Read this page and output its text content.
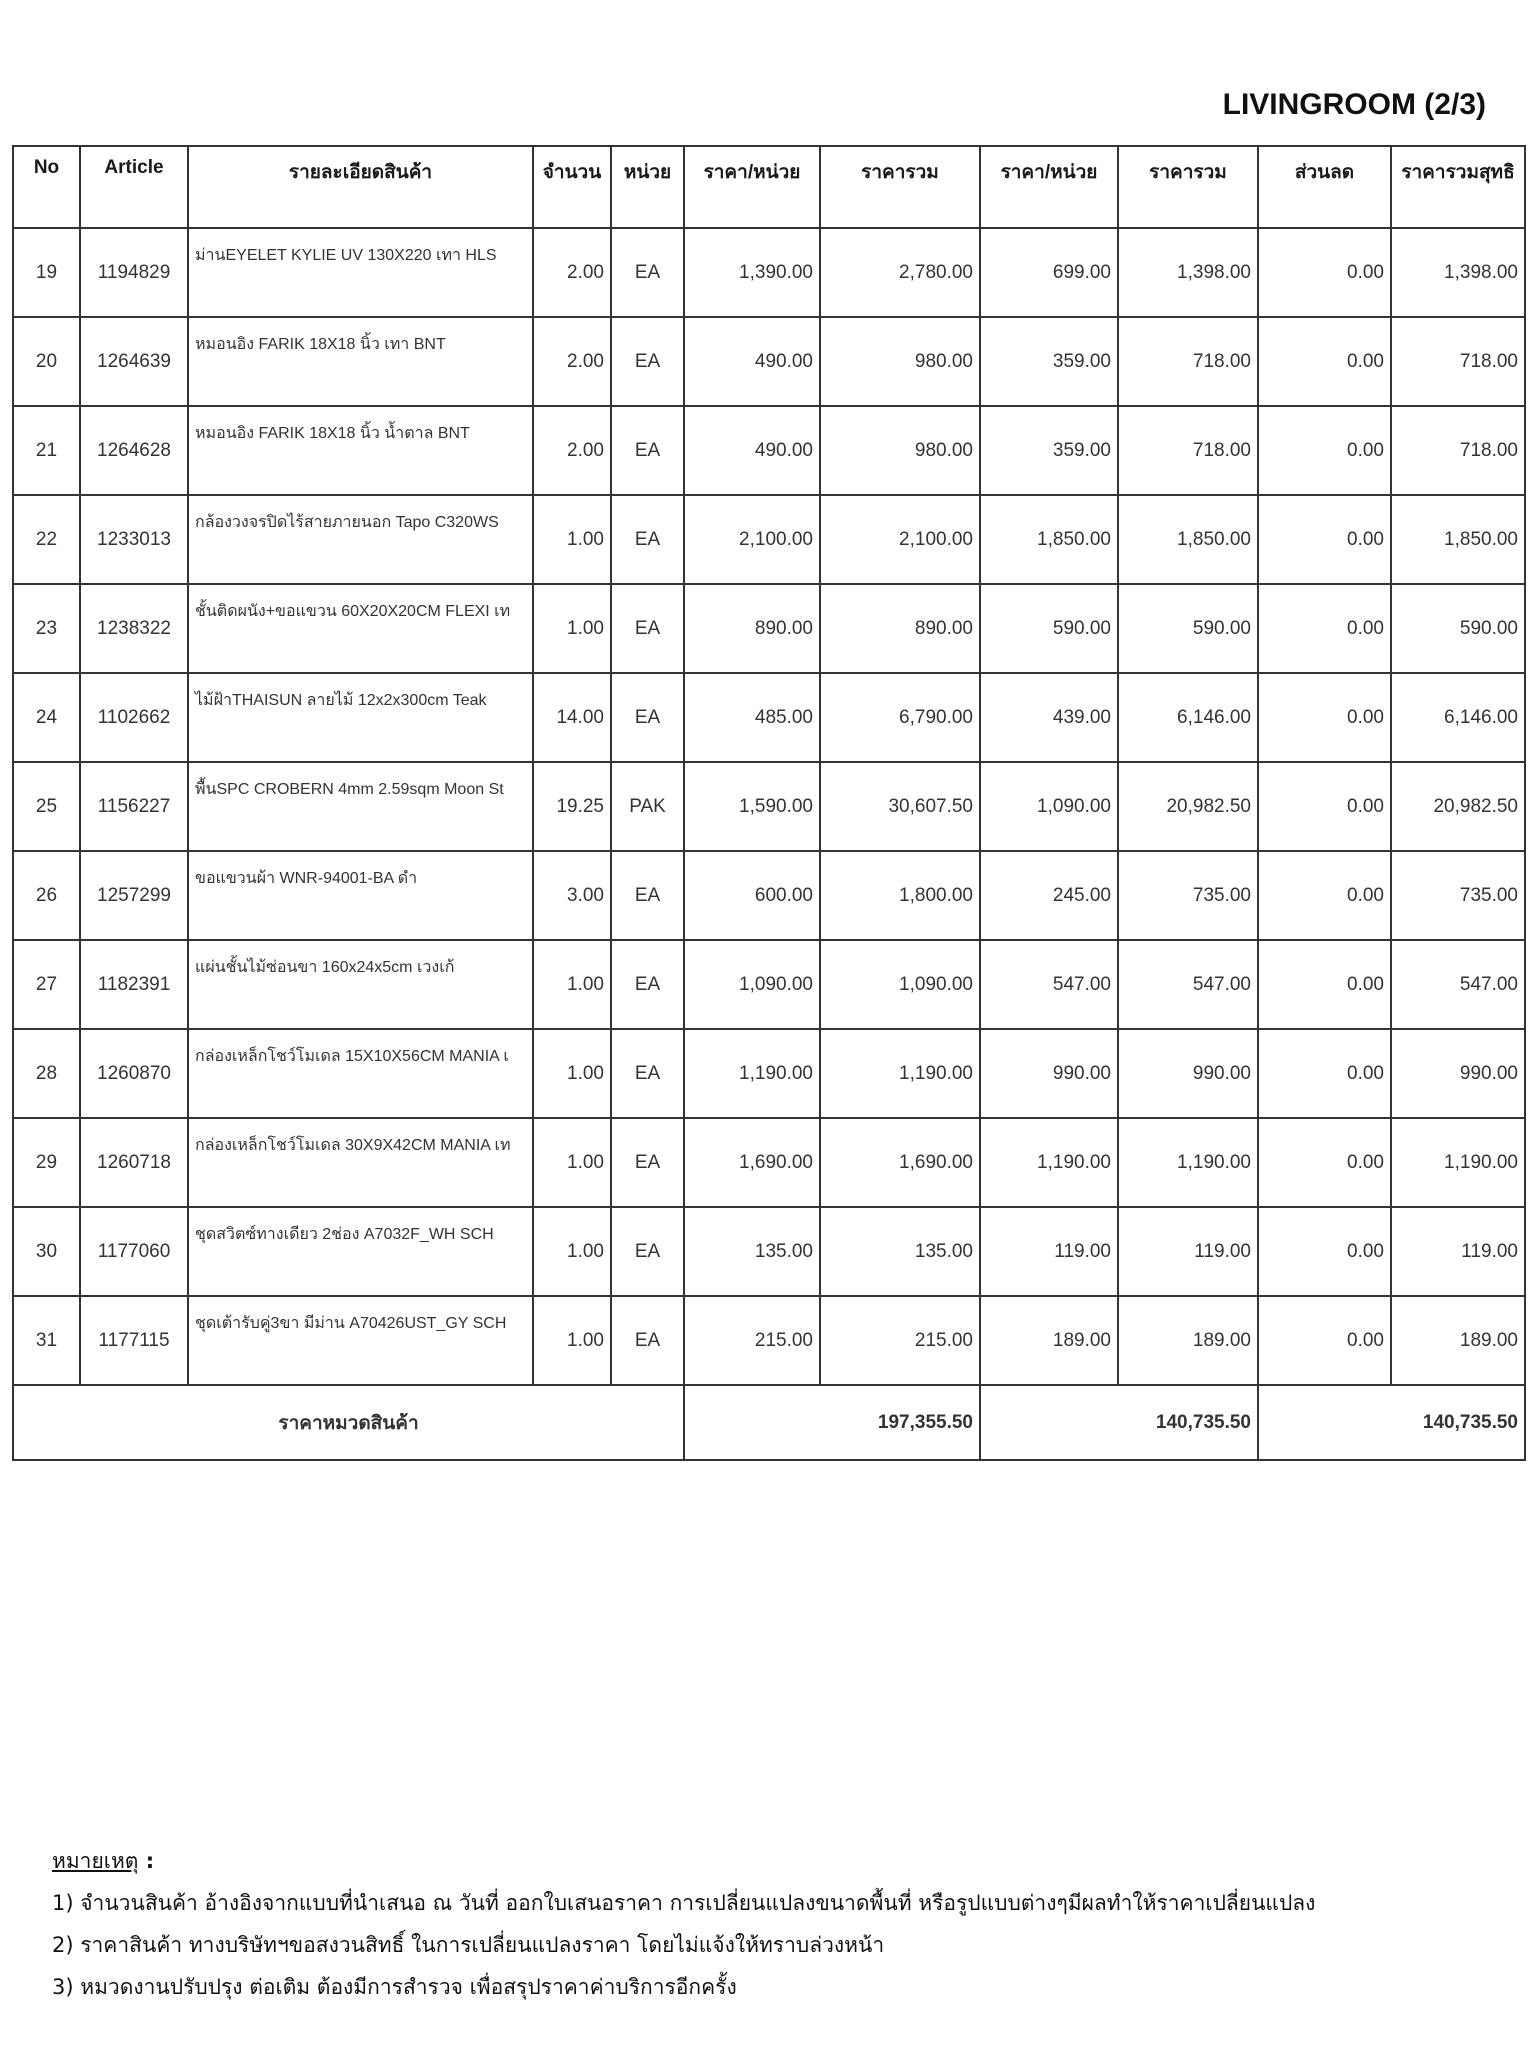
LIVINGROOM (2/3)
No	Article	รายละเอียดสินค้า	จำนวน	หน่วย	ราคา/หน่วย	ราคารวม	ราคา/หน่วย	ราคารวม	ส่วนลด	ราคารวมสุทธิ
19	1194829	ม่านEYELET KYLIE UV 130X220 เทา HLS	2.00	EA	1,390.00	2,780.00	699.00	1,398.00	0.00	1,398.00
20	1264639	หมอนอิง FARIK 18X18 นิ้ว เทา BNT	2.00	EA	490.00	980.00	359.00	718.00	0.00	718.00
21	1264628	หมอนอิง FARIK 18X18 นิ้ว น้ำตาล BNT	2.00	EA	490.00	980.00	359.00	718.00	0.00	718.00
22	1233013	กล้องวงจรปิดไร้สายภายนอก Tapo C320WS	1.00	EA	2,100.00	2,100.00	1,850.00	1,850.00	0.00	1,850.00
23	1238322	ชั้นติดผนัง+ขอแขวน 60X20X20CM FLEXI เท	1.00	EA	890.00	890.00	590.00	590.00	0.00	590.00
24	1102662	ไม้ฝ้าTHAISUN ลายไม้ 12x2x300cm Teak	14.00	EA	485.00	6,790.00	439.00	6,146.00	0.00	6,146.00
25	1156227	พื้นSPC CROBERN 4mm 2.59sqm Moon St	19.25	PAK	1,590.00	30,607.50	1,090.00	20,982.50	0.00	20,982.50
26	1257299	ขอแขวนผ้า WNR-94001-BA ดำ	3.00	EA	600.00	1,800.00	245.00	735.00	0.00	735.00
27	1182391	แผ่นชั้นไม้ซ่อนขา 160x24x5cm เวงเก้	1.00	EA	1,090.00	1,090.00	547.00	547.00	0.00	547.00
28	1260870	กล่องเหล็กโชว์โมเดล 15X10X56CM MANIA เ	1.00	EA	1,190.00	1,190.00	990.00	990.00	0.00	990.00
29	1260718	กล่องเหล็กโชว์โมเดล 30X9X42CM MANIA เท	1.00	EA	1,690.00	1,690.00	1,190.00	1,190.00	0.00	1,190.00
30	1177060	ชุดสวิตซ์ทางเดียว 2ช่อง A7032F_WH SCH	1.00	EA	135.00	135.00	119.00	119.00	0.00	119.00
31	1177115	ชุดเต้ารับคู่3ขา มีม่าน A70426UST_GY SCH	1.00	EA	215.00	215.00	189.00	189.00	0.00	189.00
ราคาหมวดสินค้า					197,355.50		140,735.50		140,735.50	
หมายเหตุ :
1) จำนวนสินค้า อ้างอิงจากแบบที่นำเสนอ ณ วันที่ ออกใบเสนอราคา การเปลี่ยนแปลงขนาดพื้นที่ หรือรูปแบบต่างๆมีผลทำให้ราคาเปลี่ยนแปลง
2) ราคาสินค้า ทางบริษัทฯขอสงวนสิทธิ์ ในการเปลี่ยนแปลงราคา โดยไม่แจ้งให้ทราบล่วงหน้า
3) หมวดงานปรับปรุง ต่อเติม ต้องมีการสำรวจ เพื่อสรุปราคาค่าบริการอีกครั้ง
